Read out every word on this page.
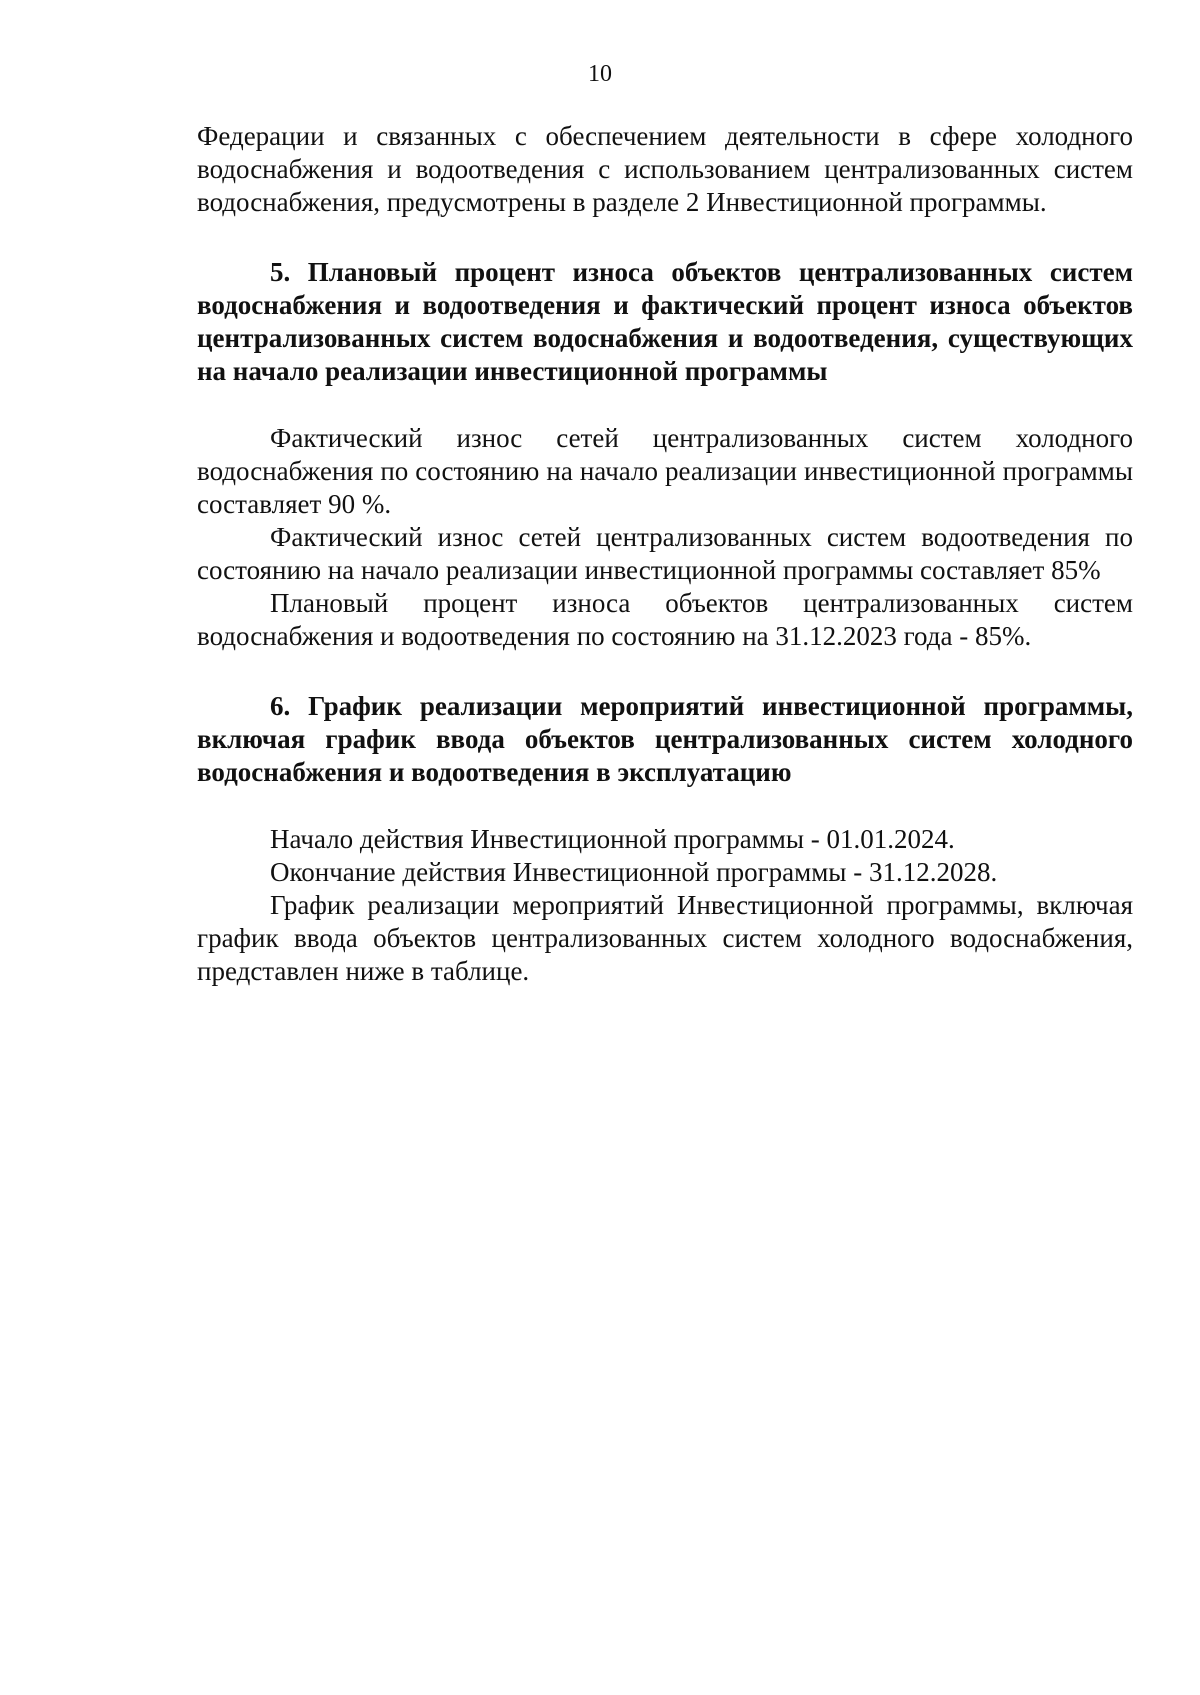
10

Федерации и связанных с обеспечением деятельности в сфере холодного водоснабжения и водоотведения с использованием централизованных систем водоснабжения, предусмотрены в разделе 2 Инвестиционной программы.

5. Плановый процент износа объектов централизованных систем водоснабжения и водоотведения и фактический процент износа объектов централизованных систем водоснабжения и водоотведения, существующих на начало реализации инвестиционной программы

Фактический износ сетей централизованных систем холодного водоснабжения по состоянию на начало реализации инвестиционной программы составляет 90 %.

Фактический износ сетей централизованных систем водоотведения по состоянию на начало реализации инвестиционной программы составляет 85%

Плановый процент износа объектов централизованных систем водоснабжения и водоотведения по состоянию на 31.12.2023 года - 85%.

6. График реализации мероприятий инвестиционной программы, включая график ввода объектов централизованных систем холодного водоснабжения и водоотведения в эксплуатацию

Начало действия Инвестиционной программы - 01.01.2024.

Окончание действия Инвестиционной программы - 31.12.2028.

График реализации мероприятий Инвестиционной программы, включая график ввода объектов централизованных систем холодного водоснабжения, представлен ниже в таблице.
